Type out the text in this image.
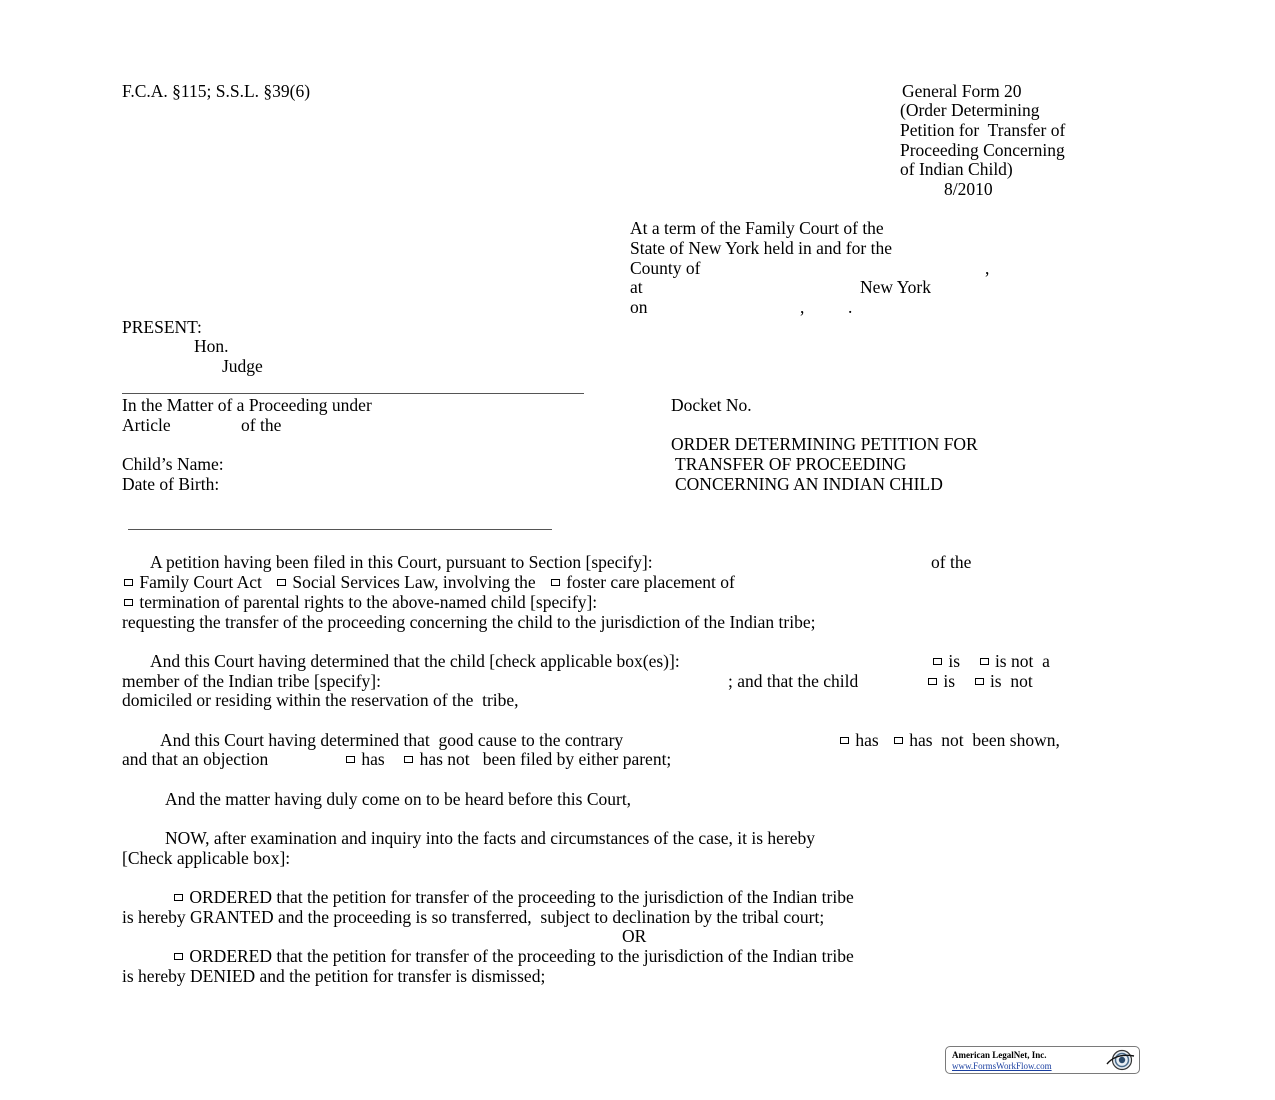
F.C.A. §115; S.S.L. §39(6)	General Form 20
(Order Determining
Petition for  Transfer of
Proceeding Concerning
of Indian Child)
8/2010
At a term of the Family Court of the
State of New York held in and for the
County of	,
at	New York
on	, .
PRESENT:
Hon.
Judge
In the Matter of a Proceeding under
Article	of the
Child’s Name:
Date of Birth:
Docket No.
ORDER DETERMINING PETITION FOR
TRANSFER OF PROCEEDING
CONCERNING AN INDIAN CHILD
A petition having been filed in this Court, pursuant to Section [specify]:	of the
Family Court Act Social Services Law, involving the foster care placement of
termination of parental rights to the above-named child [specify]:
requesting the transfer of the proceeding concerning the child to the jurisdiction of the Indian tribe;
And this Court having determined that the child [check applicable box(es)]:	is is not a
member of the Indian tribe [specify]:	; and that the child	is is  not
domiciled or residing within the reservation of the  tribe,
And this Court having determined that  good cause to the contrary	has has  not  been shown,
and that an objection	has has not   been filed by either parent;
And the matter having duly come on to be heard before this Court,
NOW, after examination and inquiry into the facts and circumstances of the case, it is hereby
[Check applicable box]:
ORDERED that the petition for transfer of the proceeding to the jurisdiction of the Indian tribe
is hereby GRANTED and the proceeding is so transferred,  subject to declination by the tribal court;
OR
ORDERED that the petition for transfer of the proceeding to the jurisdiction of the Indian tribe
is hereby DENIED and the petition for transfer is dismissed;
American LegalNet, Inc.
www.FormsWorkFlow.com
